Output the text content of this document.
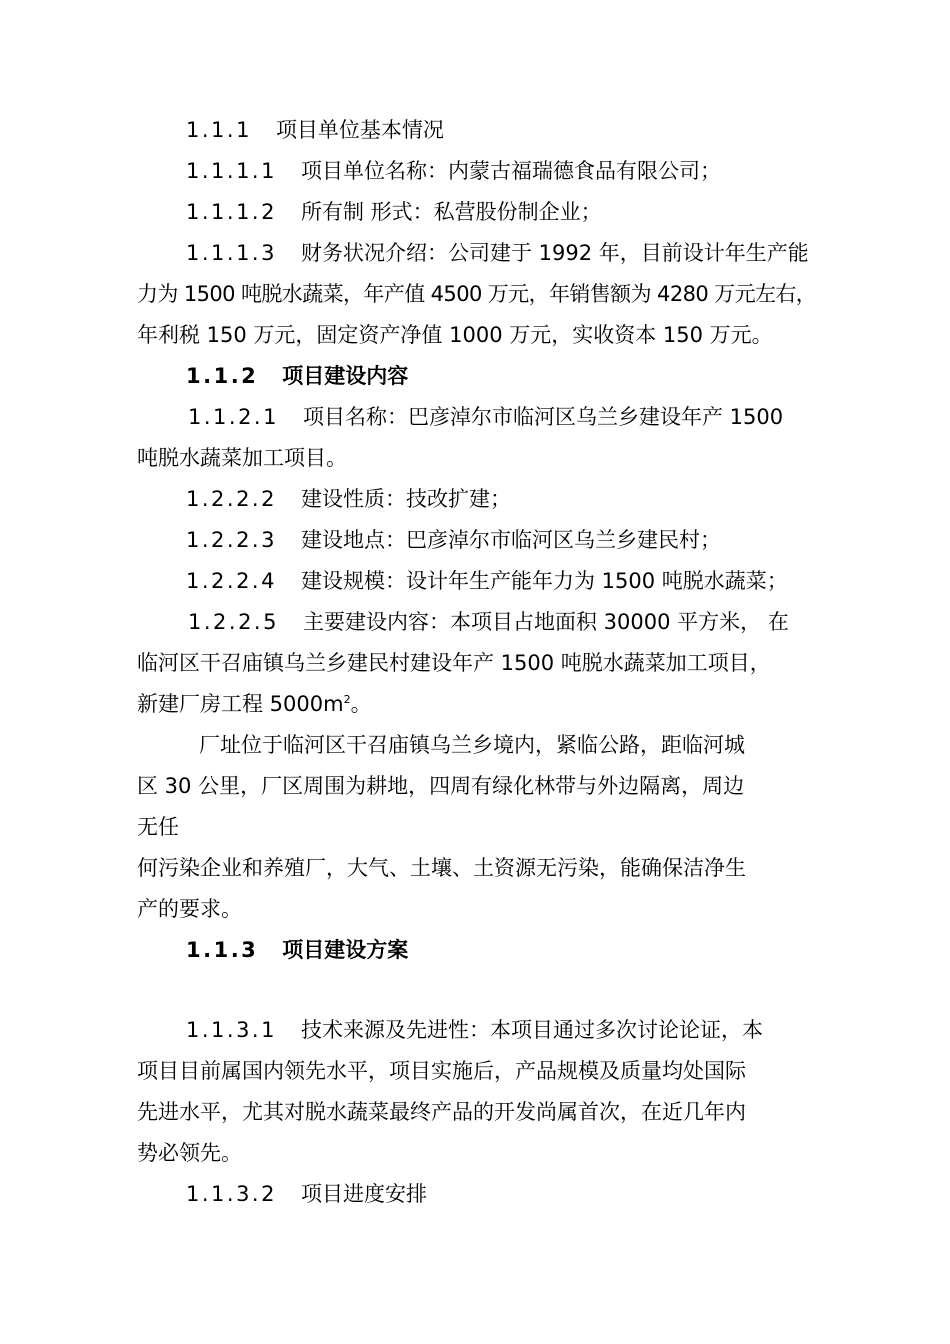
1.1.1 项目单位基本情况
1.1.1.1 项目单位名称：内蒙古福瑞德食品有限公司；
1.1.1.2 所有制 形式：私营股份制企业；
1.1.1.3 财务状况介绍：公司建于 1992 年，目前设计年生产能
力为 1500 吨脱水蔬菜，年产值 4500 万元，年销售额为 4280 万元左右，
年利税 150 万元，固定资产净值 1000 万元，实收资本 150 万元。
1.1.2 项目建设内容
1.1.2.1 项目名称：巴彦淖尔市临河区乌兰乡建设年产 1500
吨脱水蔬菜加工项目。
1.2.2.2 建设性质：技改扩建；
1.2.2.3 建设地点：巴彦淖尔市临河区乌兰乡建民村；
1.2.2.4 建设规模：设计年生产能年力为 1500 吨脱水蔬菜；
1.2.2.5 主要建设内容：本项目占地面积 30000 平方米， 在
临河区干召庙镇乌兰乡建民村建设年产 1500 吨脱水蔬菜加工项目，
新建厂房工程 $5000m^2$。
厂址位于临河区干召庙镇乌兰乡境内，紧临公路，距临河城
区 30 公里，厂区周围为耕地，四周有绿化林带与外边隔离，周边
无任
何污染企业和养殖厂，大气、土壤、土资源无污染，能确保洁净生
产的要求。
1.1.3 项目建设方案
1.1.3.1 技术来源及先进性：本项目通过多次讨论论证，本
项目目前属国内领先水平，项目实施后，产品规模及质量均处国际
先进水平，尤其对脱水蔬菜最终产品的开发尚属首次，在近几年内
势必领先。
1.1.3.2 项目进度安排
